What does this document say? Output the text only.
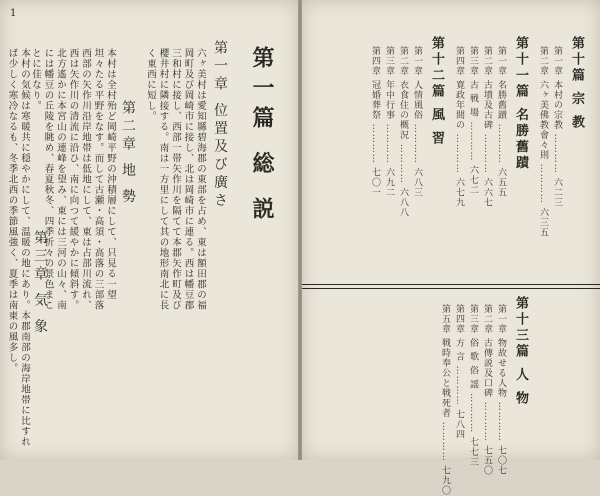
1
第一篇 総 説
第一章 位置及び廣さ
六ヶ美村は愛知縣碧海郡の東部を占め、東は額田郡の福岡町及び岡崎市に接し、北は岡崎市に連る。西は幡豆郡三和村に接し、西部一帯矢作川を隔てて本郡矢作町及び櫻井村に隣接する。南は一方里にして其の地形南北に長く東西に短し。
第二章 地 勢
本村は全村殆ど岡崎平野の沖積層にして、只見る一望坦々たる平野をなす。而して古瀬・高須・高落の三部落西部の矢作川沿岸地帯は低地にして、東は占部川流れ、西は矢作川の清流に沿ひ、南に向つて緩やかに傾斜す。北方遙かに本宮山の連峰を望み、東には三河の山々、南には幡豆の丘陵を眺め、春夏秋冬、四季折々の景色まことに佳なり。
第三章 気 象
本村の気候は寒暖共に穏やかにして、温暖の地にあり。本郡南部の海岸地帯に比すれば少しく寒冷なるも、冬季北西の季節風強く、夏季は南東の風多し。	第十篇 宗 教
第一章 本村の宗教 ………… 六二三
第二章 六ヶ美佛教會々則 ………… 六三五
第十一篇 名勝舊蹟
第一章 名勝舊蹟 ………… 六五五
第二章 古墳及古碑 ………… 六六七
第三章 古 戦 場 ………… 六七二
第四章 寛政年間の ………… 六七九
第十二篇 風 習
第一章 人情風俗 ………… 六八三
第二章 衣食住の概況 ………… 六八八
第三章 年中行事 ………… 六九二
第四章 冠婚葬祭 ………… 七〇一
第十三篇 人 物
第一章 物故せる人物 ………… 七〇七
第二章 古傳説及口碑 ………… 七五〇
第三章 俗 歌 俗 謡 ………… 七七三
第四章 方 言 ………… 七八四
第五章 戦時奉公と戦死者 ………… 七九〇
